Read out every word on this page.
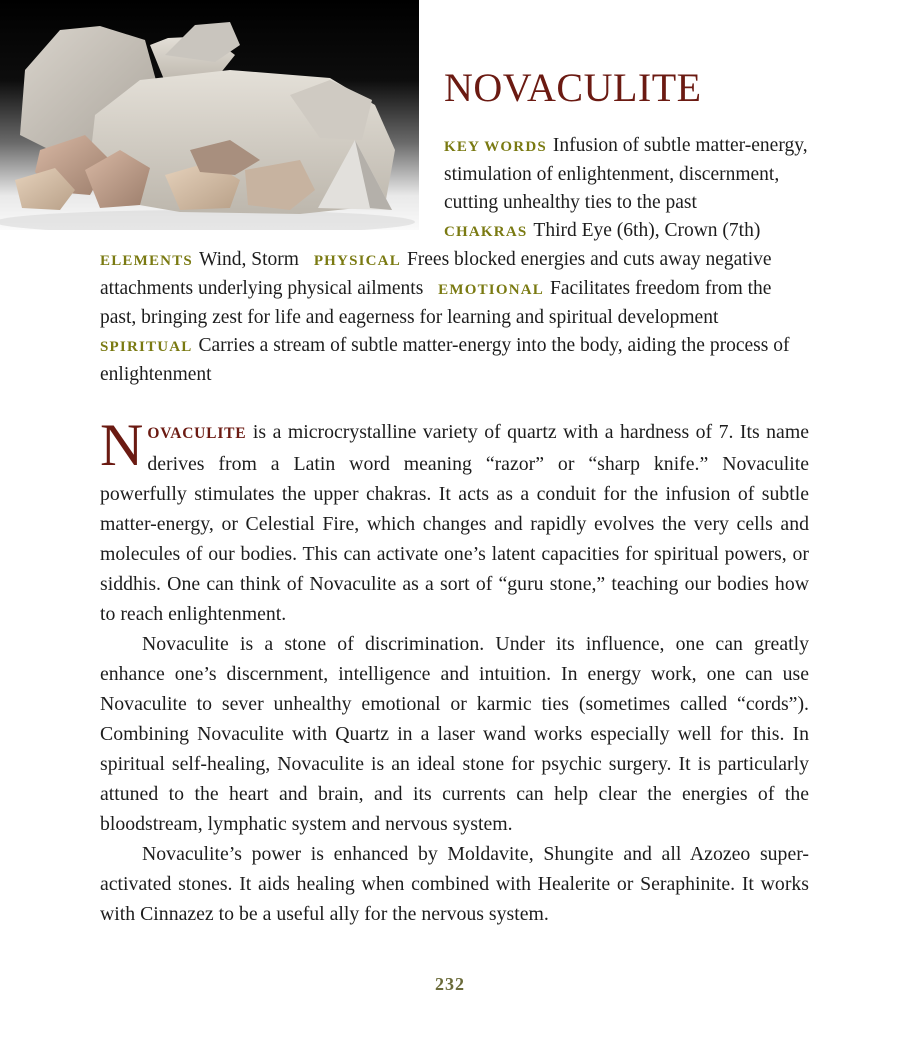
NOVACULITE
KEY WORDS Infusion of subtle matter-energy, stimulation of enlightenment, discernment, cutting unhealthy ties to the past CHAKRAS Third Eye (6th), Crown (7th) ELEMENTS Wind, Storm PHYSICAL Frees blocked energies and cuts away negative attachments underlying physical ailments EMOTIONAL Facilitates freedom from the past, bringing zest for life and eagerness for learning and spiritual development SPIRITUAL Carries a stream of subtle matter-energy into the body, aiding the process of enlightenment

NOVACULITE is a microcrystalline variety of quartz with a hardness of 7. Its name derives from a Latin word meaning “razor” or “sharp knife.” Novaculite powerfully stimulates the upper chakras. It acts as a conduit for the infusion of subtle matter-energy, or Celestial Fire, which changes and rapidly evolves the very cells and molecules of our bodies. This can activate one’s latent capacities for spiritual powers, or siddhis. One can think of Novaculite as a sort of “guru stone,” teaching our bodies how to reach enlightenment.

Novaculite is a stone of discrimination. Under its influence, one can greatly enhance one’s discernment, intelligence and intuition. In energy work, one can use Novaculite to sever unhealthy emotional or karmic ties (sometimes called “cords”). Combining Novaculite with Quartz in a laser wand works especially well for this. In spiritual self-healing, Novaculite is an ideal stone for psychic surgery. It is particularly attuned to the heart and brain, and its currents can help clear the energies of the bloodstream, lymphatic system and nervous system.

Novaculite’s power is enhanced by Moldavite, Shungite and all Azozeo super-activated stones. It aids healing when combined with Healerite or Seraphinite. It works with Cinnazez to be a useful ally for the nervous system.

232
